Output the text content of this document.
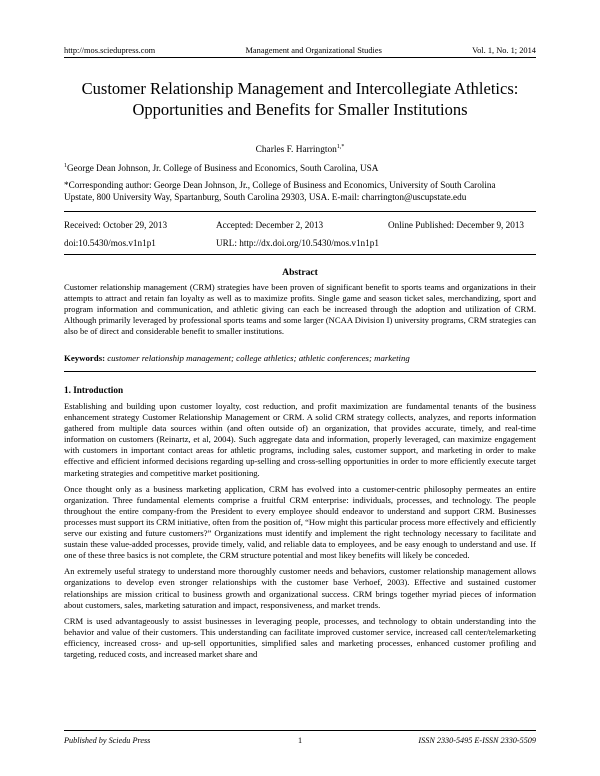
http://mos.sciedupress.com	Management and Organizational Studies	Vol. 1, No. 1; 2014
Customer Relationship Management and Intercollegiate Athletics:
Opportunities and Benefits for Smaller Institutions
Charles F. Harrington$^{1,*}$
$^1$George Dean Johnson, Jr. College of Business and Economics, South Carolina, USA
*Corresponding author: George Dean Johnson, Jr., College of Business and Economics, University of South Carolina
Upstate, 800 University Way, Spartanburg, South Carolina 29303, USA. E-mail: charrington@uscupstate.edu
Received: October 29, 2013	Accepted: December 2, 2013	Online Published: December 9, 2013
doi:10.5430/mos.v1n1p1	URL: http://dx.doi.org/10.5430/mos.v1n1p1
Abstract
Customer relationship management (CRM) strategies have been proven of significant benefit to sports teams and organizations in their attempts to attract and retain fan loyalty as well as to maximize profits. Single game and season ticket sales, merchandizing, sport and program information and communication, and athletic giving can each be increased through the adoption and utilization of CRM. Although primarily leveraged by professional sports teams and some larger (NCAA Division I) university programs, CRM strategies can also be of direct and considerable benefit to smaller institutions.
Keywords: customer relationship management; college athletics; athletic conferences; marketing
1. Introduction

Establishing and building upon customer loyalty, cost reduction, and profit maximization are fundamental tenants of the business enhancement strategy Customer Relationship Management or CRM. A solid CRM strategy collects, analyzes, and reports information gathered from multiple data sources within (and often outside of) an organization, that provides accurate, timely, and real-time information on customers (Reinartz, et al, 2004). Such aggregate data and information, properly leveraged, can maximize engagement with customers in important contact areas for athletic programs, including sales, customer support, and marketing in order to make effective and efficient informed decisions regarding up-selling and cross-selling opportunities in order to more efficiently execute target marketing strategies and competitive market positioning.

Once thought only as a business marketing application, CRM has evolved into a customer-centric philosophy permeates an entire organization. Three fundamental elements comprise a fruitful CRM enterprise: individuals, processes, and technology. The people throughout the entire company-from the President to every employee should endeavor to understand and support CRM. Businesses processes must support its CRM initiative, often from the position of, “How might this particular process more effectively and efficiently serve our existing and future customers?” Organizations must identify and implement the right technology necessary to facilitate and sustain these value-added processes, provide timely, valid, and reliable data to employees, and be easy enough to understand and use. If one of these three basics is not complete, the CRM structure potential and most likey benefits will likely be conceded.

An extremely useful strategy to understand more thoroughly customer needs and behaviors, customer relationship management allows organizations to develop even stronger relationships with the customer base Verhoef, 2003). Effective and sustained customer relationships are mission critical to business growth and organizational success. CRM brings together myriad pieces of information about customers, sales, marketing saturation and impact, responsiveness, and market trends.

CRM is used advantageously to assist businesses in leveraging people, processes, and technology to obtain understanding into the behavior and value of their customers. This understanding can facilitate improved customer service, increased call center/telemarketing efficiency, increased cross- and up-sell opportunities, simplified sales and marketing processes, enhanced customer profiling and targeting, reduced costs, and increased market share and

Published by Sciedu Press	1	ISSN 2330-5495 E-ISSN 2330-5509
